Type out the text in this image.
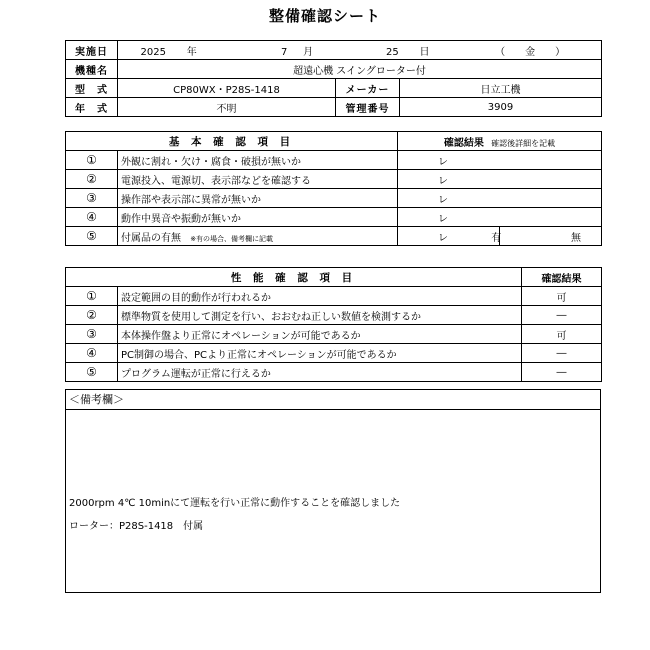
整備確認シート
実施日	2025 年 7 月 25 日 （　　金　　）		
機種名	超遠心機 スイングローター付		
型　式	CP80WX・P28S-1418	メーカー	日立工機
年　式	不明	管理番号	3909
基 本 確 認 項 目		確認結果 確認後詳細を記載	
①	外観に割れ・欠け・腐食・破損が無いか	レ	
②	電源投入、電源切、表示部などを確認する	レ	
③	操作部や表示部に異常が無いか	レ	
④	動作中異音や振動が無いか	レ	
⑤	付属品の有無 ※有の場合、備考欄に記載	レ 有	無
性 能 確 認 項 目		確認結果
①	設定範囲の目的動作が行われるか	可
②	標準物質を使用して測定を行い、おおむね正しい数値を検測するか	―
③	本体操作盤より正常にオペレーションが可能であるか	可
④	PC制御の場合、PCより正常にオペレーションが可能であるか	―
⑤	プログラム運転が正常に行えるか	―
＜備考欄＞
2000rpm 4℃ 10minにて運転を行い正常に動作することを確認しました
ローター：P28S-1418　付属
